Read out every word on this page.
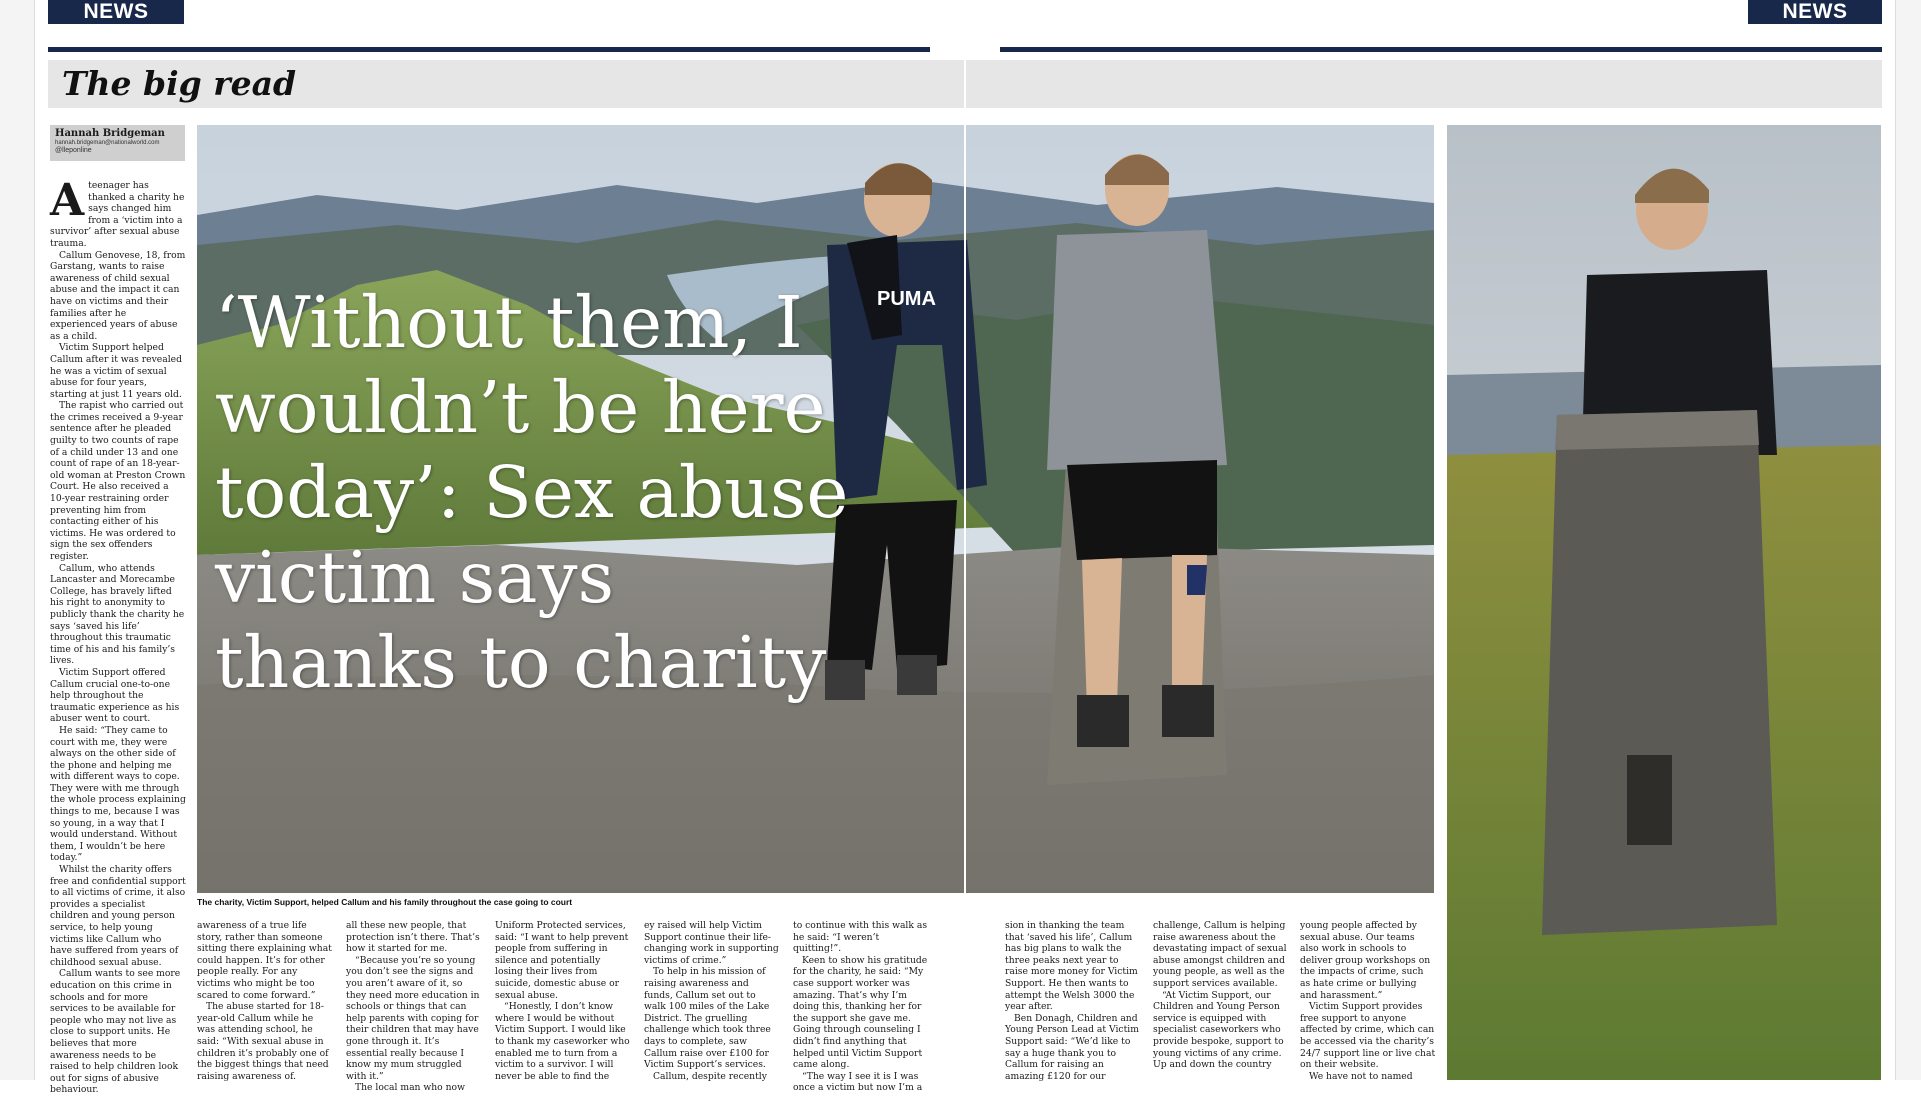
NEWS	NEWS
The big read
Hannah Bridgeman
hannah.bridgeman@nationalworld.com
@lleponline
PUMA
‘Without them, I wouldn’t be here today’: Sex abuse victim says thanks to charity
The charity, Victim Support, helped Callum and his family throughout the case going to court

Ateenager has thanked a charity he says changed him from a ‘victim into a survivor’ after sexual abuse trauma.

Callum Genovese, 18, from Garstang, wants to raise awareness of child sexual abuse and the impact it can have on victims and their families after he experienced years of abuse as a child.

Victim Support helped Callum after it was revealed he was a victim of sexual abuse for four years, starting at just 11 years old.

The rapist who carried out the crimes received a 9-year sentence after he pleaded guilty to two counts of rape of a child under 13 and one count of rape of an 18-year-old woman at Preston Crown Court. He also received a 10-year restraining order preventing him from contacting either of his victims. He was ordered to sign the sex offenders register.

Callum, who attends Lancaster and Morecambe College, has bravely lifted his right to anonymity to publicly thank the charity he says ‘saved his life’ throughout this traumatic time of his and his family’s lives.

Victim Support offered Callum crucial one-to-one help throughout the traumatic experience as his abuser went to court.

He said: “They came to court with me, they were always on the other side of the phone and helping me with different ways to cope. They were with me through the whole process explaining things to me, because I was so young, in a way that I would understand. Without them, I wouldn’t be here today.”

Whilst the charity offers free and confidential support to all victims of crime, it also provides a specialist children and young person service, to help young victims like Callum who have suffered from years of childhood sexual abuse.

Callum wants to see more education on this crime in schools and for more services to be available for people who may not live as close to support units. He believes that more awareness needs to be raised to help children look out for signs of abusive behaviour.

awareness of a true life story, rather than someone sitting there explaining what could happen. It’s for other people really. For any victims who might be too scared to come forward.”

The abuse started for 18-year-old Callum while he was attending school, he said: “With sexual abuse in children it’s probably one of the biggest things that need raising awareness of.

all these new people, that protection isn’t there. That’s how it started for me.

“Because you’re so young you don’t see the signs and you aren’t aware of it, so they need more education in schools or things that can help parents with coping for their children that may have gone through it. It’s essential really because I know my mum struggled with it.”

The local man who now

Uniform Protected services, said: “I want to help prevent people from suffering in silence and potentially losing their lives from suicide, domestic abuse or sexual abuse.

“Honestly, I don’t know where I would be without Victim Support. I would like to thank my caseworker who enabled me to turn from a victim to a survivor. I will never be able to find the

ey raised will help Victim Support continue their life-changing work in supporting victims of crime.”

To help in his mission of raising awareness and funds, Callum set out to walk 100 miles of the Lake District. The gruelling challenge which took three days to complete, saw Callum raise over £100 for Victim Support’s services.

Callum, despite recently

to continue with this walk as he said: “I weren’t quitting!”.

Keen to show his gratitude for the charity, he said: “My case support worker was amazing. That’s why I’m doing this, thanking her for the support she gave me. Going through counseling I didn’t find anything that helped until Victim Support came along.

“The way I see it is I was once a victim but now I’m a

sion in thanking the team that ‘saved his life’, Callum has big plans to walk the three peaks next year to raise more money for Victim Support. He then wants to attempt the Welsh 3000 the year after.

Ben Donagh, Children and Young Person Lead at Victim Support said: “We’d like to say a huge thank you to Callum for raising an amazing £120 for our

challenge, Callum is helping raise awareness about the devastating impact of sexual abuse amongst children and young people, as well as the support services available.

“At Victim Support, our Children and Young Person service is equipped with specialist caseworkers who provide bespoke, support to young victims of any crime. Up and down the country

young people affected by sexual abuse. Our teams also work in schools to deliver group workshops on the impacts of crime, such as hate crime or bullying and harassment.”

Victim Support provides free support to anyone affected by crime, which can be accessed via the charity’s 24/7 support line or live chat on their website.

We have not to named
